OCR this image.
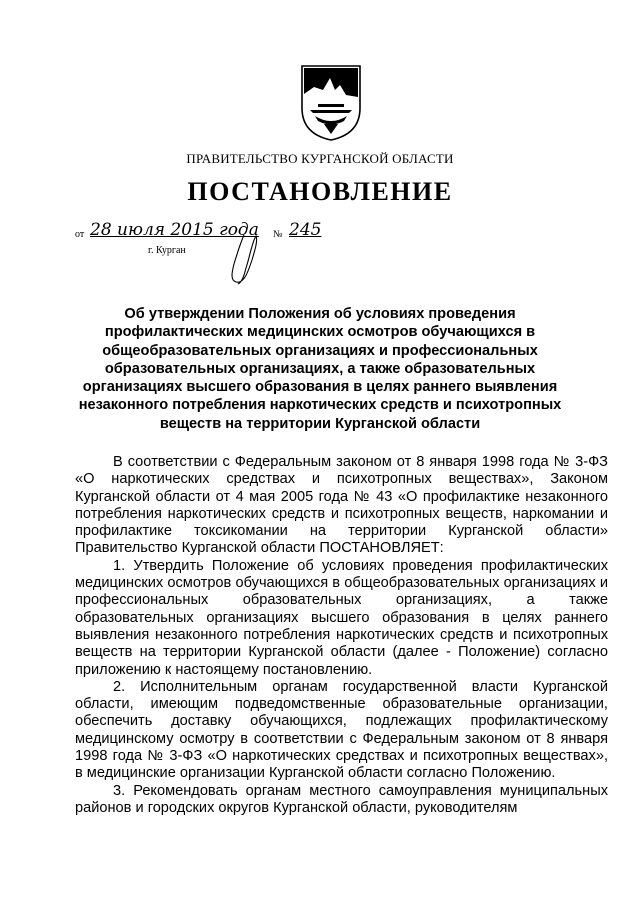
ПРАВИТЕЛЬСТВО КУРГАНСКОЙ ОБЛАСТИ
ПОСТАНОВЛЕНИЕ
от 28 июля 2015 года № 245
г. Курган
Об утверждении Положения об условиях проведения
профилактических медицинских осмотров обучающихся в
общеобразовательных организациях и профессиональных
образовательных организациях, а также образовательных
организациях высшего образования в целях раннего выявления
незаконного потребления наркотических средств и психотропных
веществ на территории Курганской области

В соответствии с Федеральным законом от 8 января 1998 года № 3-ФЗ «О наркотических средствах и психотропных веществах», Законом Курганской области от 4 мая 2005 года № 43 «О профилактике незаконного потребления наркотических средств и психотропных веществ, наркомании и профилактике токсикомании на территории Курганской области» Правительство Курганской области ПОСТАНОВЛЯЕТ:

1. Утвердить Положение об условиях проведения профилактических медицинских осмотров обучающихся в общеобразовательных организациях и профессиональных образовательных организациях, а также образовательных организациях высшего образования в целях раннего выявления незаконного потребления наркотических средств и психотропных веществ на территории Курганской области (далее - Положение) согласно приложению к настоящему постановлению.

2. Исполнительным органам государственной власти Курганской области, имеющим подведомственные образовательные организации, обеспечить доставку обучающихся, подлежащих профилактическому медицинскому осмотру в соответствии с Федеральным законом от 8 января 1998 года № 3-ФЗ «О наркотических средствах и психотропных веществах», в медицинские организации Курганской области согласно Положению.

3. Рекомендовать органам местного самоуправления муниципальных районов и городских округов Курганской области, руководителям
